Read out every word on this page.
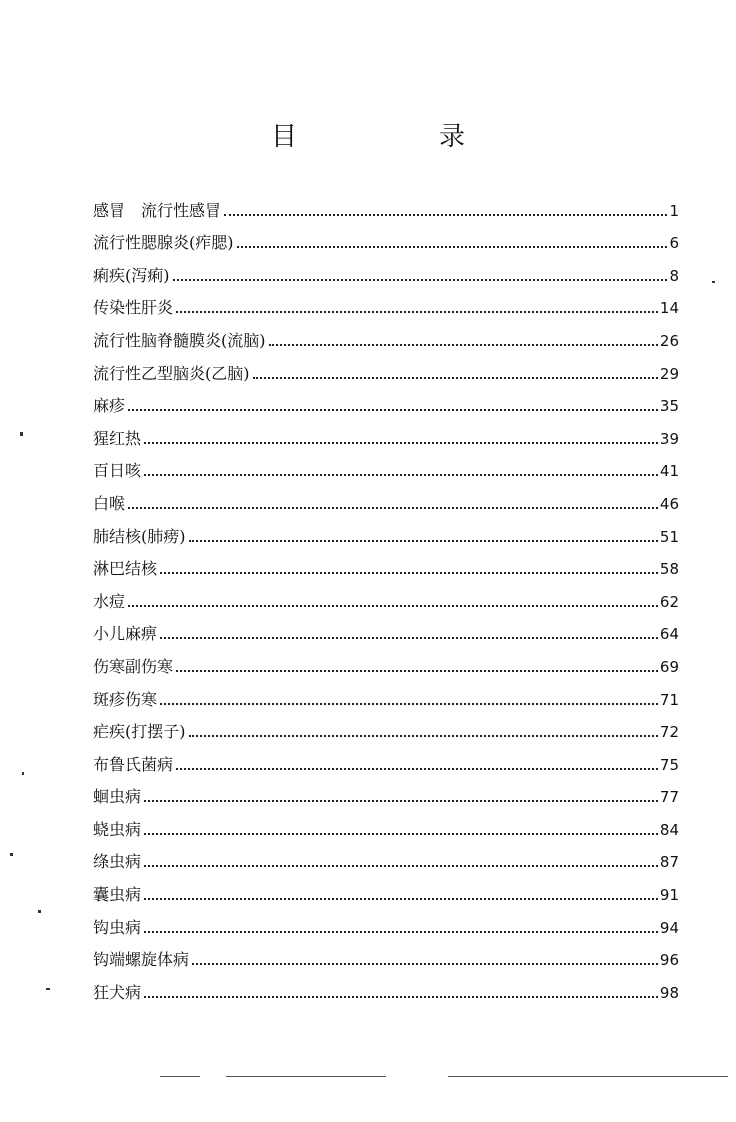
目　录
感冒　流行性感冒	1
流行性腮腺炎(痄腮)	6
痢疾(泻痢)	8
传染性肝炎	14
流行性脑脊髓膜炎(流脑)	26
流行性乙型脑炎(乙脑)	29
麻疹	35
猩红热	39
百日咳	41
白喉	46
肺结核(肺痨)	51
淋巴结核	58
水痘	62
小儿麻痹	64
伤寒副伤寒	69
斑疹伤寒	71
疟疾(打摆子)	72
布鲁氏菌病	75
蛔虫病	77
蛲虫病	84
绦虫病	87
囊虫病	91
钩虫病	94
钩端螺旋体病	96
狂犬病	98
